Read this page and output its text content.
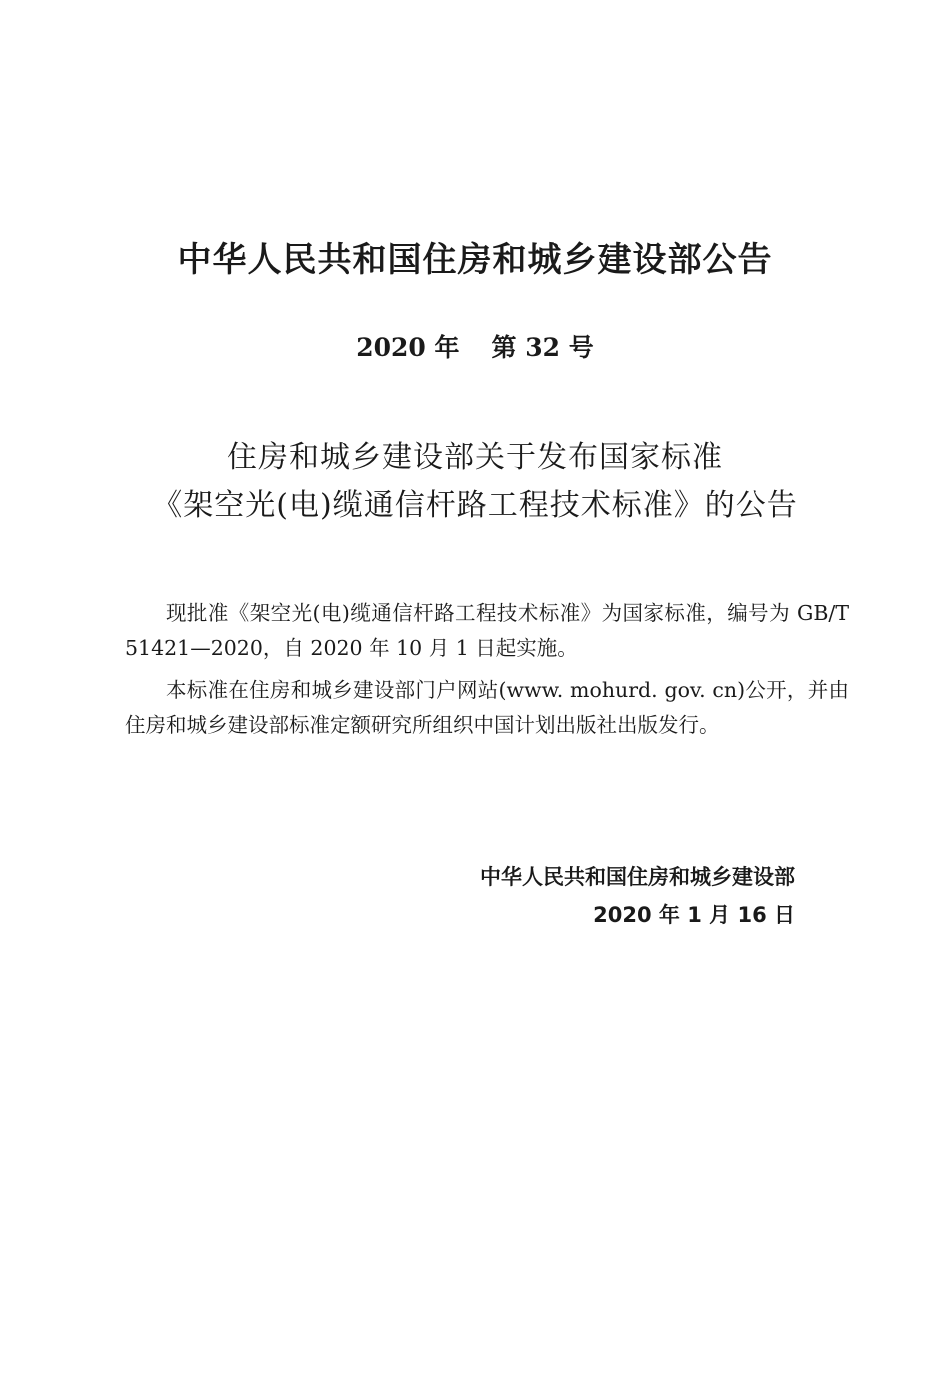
中华人民共和国住房和城乡建设部公告
2020 年 第 32 号
住房和城乡建设部关于发布国家标准
《架空光(电)缆通信杆路工程技术标准》的公告

现批准《架空光(电)缆通信杆路工程技术标准》为国家标准，编号为 GB/T 51421—2020，自 2020 年 10 月 1 日起实施。

本标准在住房和城乡建设部门户网站(www. mohurd. gov. cn)公开，并由住房和城乡建设部标准定额研究所组织中国计划出版社出版发行。

中华人民共和国住房和城乡建设部
2020 年 1 月 16 日
